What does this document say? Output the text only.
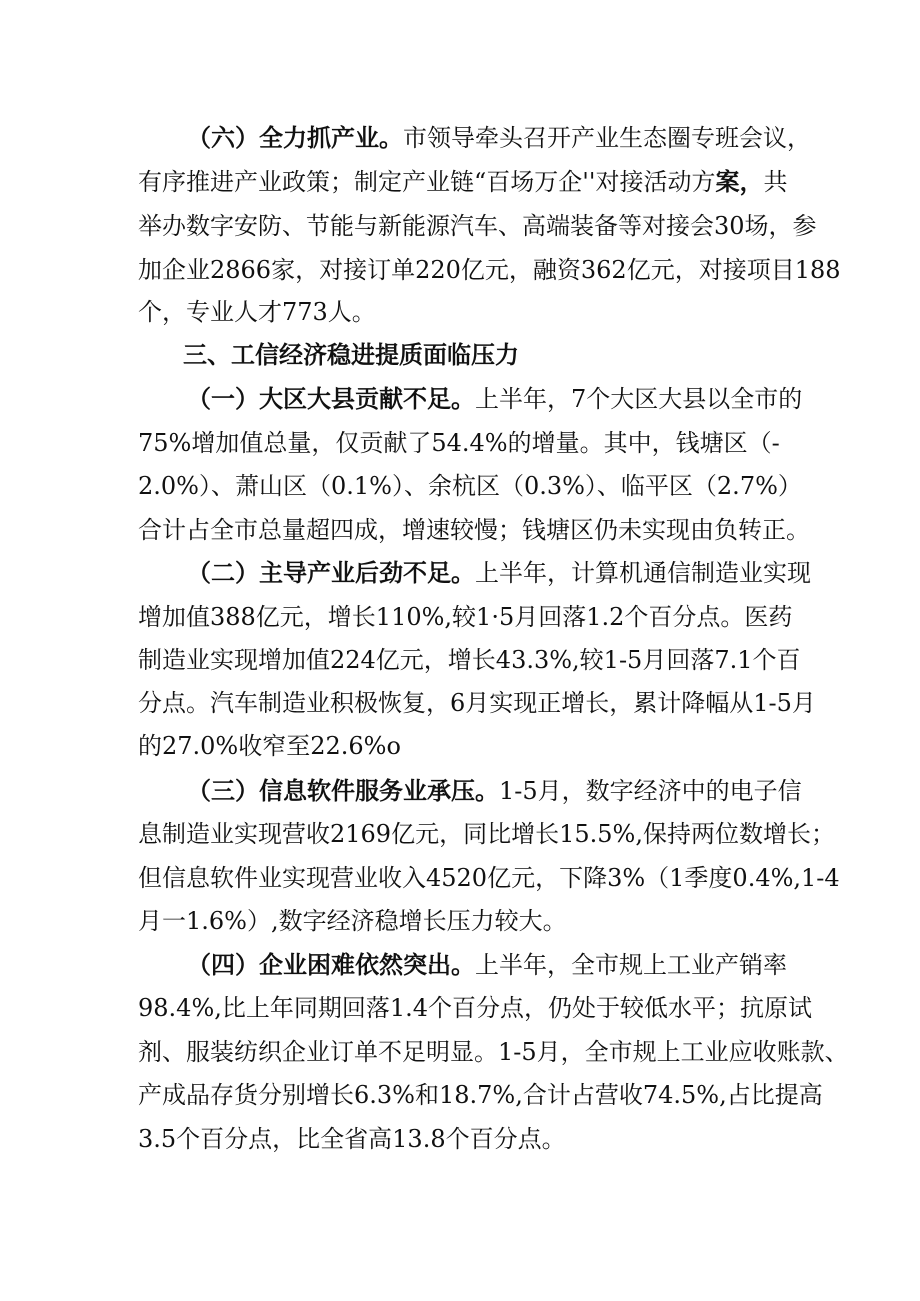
（六）全力抓产业。市领导牵头召开产业生态圈专班会议，
有序推进产业政策；制定产业链“百场万企''对接活动方案，共
举办数字安防、节能与新能源汽车、高端装备等对接会30场，参
加企业2866家，对接订单220亿元，融资362亿元，对接项目188
个，专业人才773人。
三、工信经济稳进提质面临压力
（一）大区大县贡献不足。上半年，7个大区大县以全市的
75%增加值总量，仅贡献了54.4%的增量。其中，钱塘区（-
2.0%）、萧山区（0.1%）、余杭区（0.3%）、临平区（2.7%）
合计占全市总量超四成，增速较慢；钱塘区仍未实现由负转正。
（二）主导产业后劲不足。上半年，计算机通信制造业实现
增加值388亿元，增长110%,较1·5月回落1.2个百分点。医药
制造业实现增加值224亿元，增长43.3%,较1-5月回落7.1个百
分点。汽车制造业积极恢复，6月实现正增长，累计降幅从1-5月
的27.0%收窄至22.6%o
（三）信息软件服务业承压。1-5月，数字经济中的电子信
息制造业实现营收2169亿元，同比增长15.5%,保持两位数增长；
但信息软件业实现营业收入4520亿元，下降3%（1季度0.4%,1-4
月一1.6%）,数字经济稳增长压力较大。
（四）企业困难依然突出。上半年，全市规上工业产销率
98.4%,比上年同期回落1.4个百分点，仍处于较低水平；抗原试
剂、服装纺织企业订单不足明显。1-5月，全市规上工业应收账款、
产成品存货分别增长6.3%和18.7%,合计占营收74.5%,占比提高
3.5个百分点，比全省高13.8个百分点。
